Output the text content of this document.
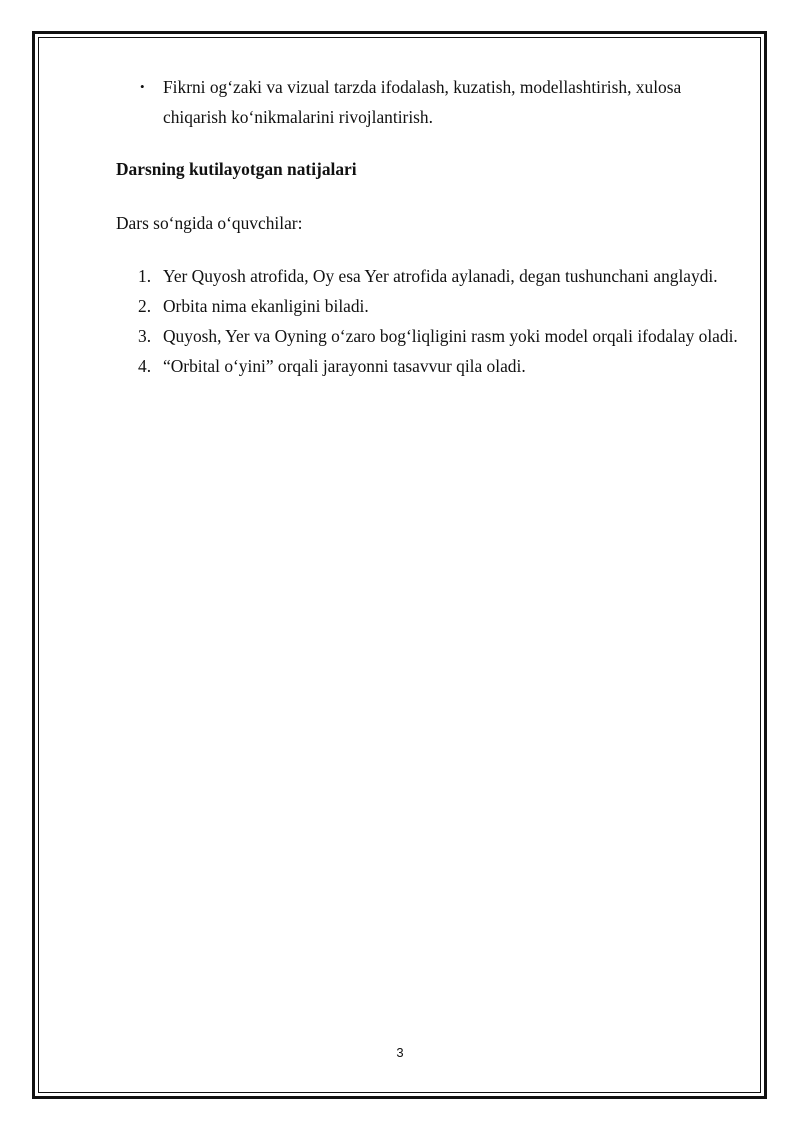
• Fikrni og‘zaki va vizual tarzda ifodalash, kuzatish, modellashtirish, xulosa chiqarish ko‘nikmalarini rivojlantirish.

Darsning kutilayotgan natijalari

Dars so‘ngida o‘quvchilar:

1. Yer Quyosh atrofida, Oy esa Yer atrofida aylanadi, degan tushunchani anglaydi.
2. Orbita nima ekanligini biladi.
3. Quyosh, Yer va Oyning o‘zaro bog‘liqligini rasm yoki model orqali ifodalay oladi.
4. “Orbital o‘yini” orqali jarayonni tasavvur qila oladi.
3
